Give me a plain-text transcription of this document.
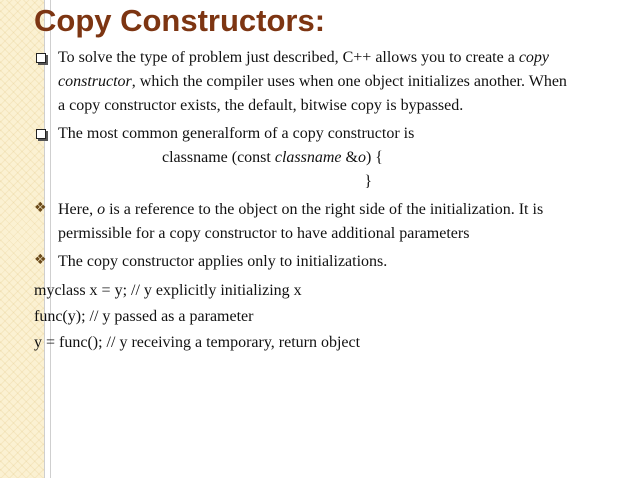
Copy Constructors:

To solve the type of problem just described, C++ allows you to create a copy
constructor, which the compiler uses when one object initializes another. When
a copy constructor exists, the default, bitwise copy is bypassed.

The most common generalform of a copy constructor is
classname (const classname &o) {
}

❖ Here, o is a reference to the object on the right side of the initialization. It is
permissible for a copy constructor to have additional parameters

❖ The copy constructor applies only to initializations.

myclass x = y; // y explicitly initializing x

func(y); // y passed as a parameter

y = func(); // y receiving a temporary, return object
